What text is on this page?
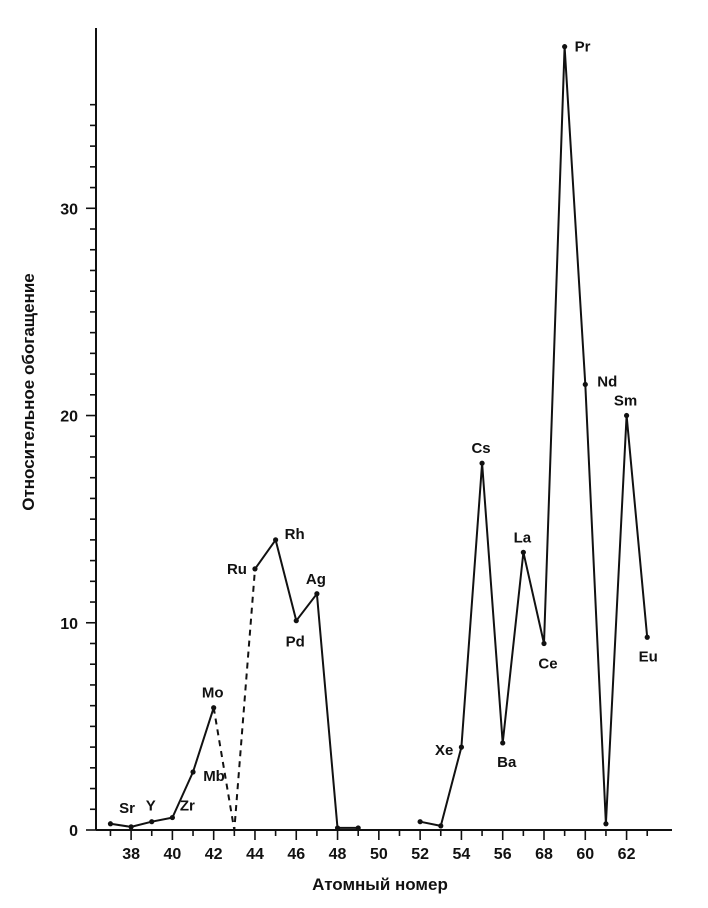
0
10
20
30
38 40 42 44 46 48 50 52 54 56 68 60 62
Sr Y Zr
Mb
Mo
Ru
Rh
Pd
Ag
Xe
Cs
Ba
La
Ce
Pr
Nd
Sm
Eu
Атомный номер
Относительное обогащение
